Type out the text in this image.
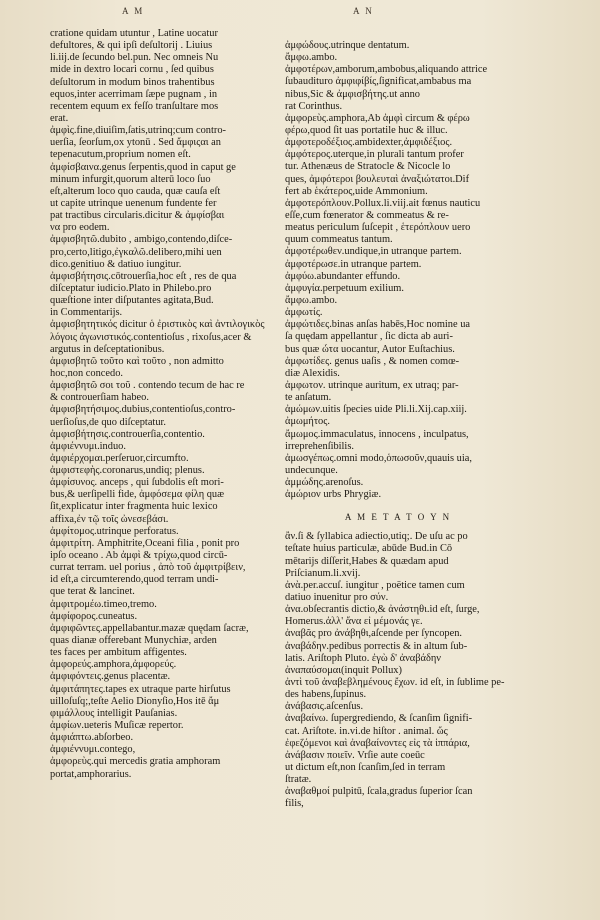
A M	A N
cratione quidam utuntur , Latine uocatur
defultores, & qui ipſi deſultorij . Liuius
li.iij.de ſecundo bel.pun. Nec omneis Nu
mide in dextro locari cornu , ſed quibus
deſultorum in modum binos trahentibus
equos,inter acerrimam ſæpe pugnam , in
recentem equum ex feſſo tranſultare mos
erat.
ἀμφὶς.fine,diuiſim,ſatis,utrinq;cum contro-
uerſia, ſeorſum,ox ytonū . Sed ἄμφιςαι an
tepenacutum,proprium nomen eſt.
ἀμφίσβαινα.genus ſerpentis,quod in caput ge
minum infurgit,quorum alterū loco ſuo
eſt,alterum loco quo cauda, quæ cauſa eſt
ut capite utrinque uenenum fundente fer
pat tractibus circularis.dicitur & ἀμφίσβαι
να pro eodem.
ἀμφισβητῶ.dubito , ambigo,contendo,diſce-
pro,certo,litigo,ἐγκαλῶ.delibero,mihi uen
dico.genitiuo & datiuo iungitur.
ἀμφισβήτησις.cōtrouerſia,hoc eſt , res de qua
diſceptatur iudicio.Plato in Philebo.pro
quæſtione inter diſputantes agitata,Bud.
in Commentarijs.
ἀμφισβητητικός dicitur ὁ ἐριστικὸς καὶ ἀντιλογικὸς
λόγοις ἀγωνιστικός.contentioſus , rixoſus,acer &
argutus in deſceptationibus.
ἀμφισβητῶ τοῦτο καὶ τοῦτο , non admitto
hoc,non concedo.
ἀμφισβητῶ σοι τοῦ . contendo tecum de hac re
& controuerſiam habeo.
ἀμφισβητήσιμος.dubius,contentioſus,contro-
uerſioſus,de quo diſceptatur.
ἀμφισβήτησις.controuerſia,contentio.
ἀμφιέννυμι.induo.
ἀμφιέρχομαι.perſeruor,circumfto.
ἀμφιστεφὴς.coronarus,undiq; plenus.
ἀμφίσυνος. anceps , qui ſubdolis eſt mori-
bus,& uerſipelli fide, ἀμφόσεμα φίλη quæ
ſit,explicatur inter fragmenta huic lexico
affixa,ἐν τῷ τοῖς ὠνεσεβάσι.
ἀμφίτομος.utrinque perforatus.
ἀμφιτρίτη. Amphitrite,Oceani filia , ponit pro
ipſo oceano . Ab ἀμφὶ & τρίχω,quod circū-
currat terram. uel porius , ἀπὸ τοῦ ἀμφιτρίβειν,
id eſt,a circumterendo,quod terram undi-
que terat & lancinet.
ἀμφιτρομέω.timeo,tremo.
ἀμφίφορος.cuneatus.
ἀμφιφῶντες.appellabantur.mazæ quędam ſacræ,
quas dianæ offerebant Munychiæ, arden
tes faces per ambitum affigentes.
ἀμφορεύς.amphora,ἀμφορεύς.
ἀμφιφόντεις.genus placentæ.
ἀμφιτάπητες.tapes ex utraque parte hirſutus
uilloſuſq;,teſte Aelio Dionyſio,Hos itē ἄμ
φιμάλλους intelligit Pauſanias.
ἀμφίων.ueteris Muſicæ repertor.
ἀμφιάπτω.abſorbeo.
ἀμφιέννυμι.contego,
ἀμφορεὺς.qui mercedis gratia amphoram
portat,amphorarius.
ἀμφώδους.utrinque dentatum.
ἄμφω.ambo.
ἀμφοτέρων,amborum,ambobus,aliquando attrice
ſubaudituro ἀμφιφίβίς,ſignificat,ambabus ma
nibus,Sic & ἀμφισβήτης.ut anno
rat Corinthus.
ἀμφορεὺς.amphora,Ab ἀμφὶ circum & φέρω
φέρω,quod ſit uas portatile huc & illuc.
ἀμφοτεροδέξιος.ambidexter,ἀμφιδέξιος.
ἀμφότερος.uterque,in plurali tantum profer
tur. Athenæus de Stratocle & Nicocle lo
ques, ἀμφότεροι βουλευταὶ ἀναξιώτατοι.Dif
fert ab ἑκάτερος,uide Ammonium.
ἀμφοτερόπλουν.Pollux.li.viij.ait fœnus nauticu
eſſe,cum fœnerator & commeatus & re-
meatus periculum ſuſcepit , ἑτερόπλουν uero
quum commeatus tantum.
ἀμφοτέρωθεν.undique,in utranque partem.
ἀμφοτέρωσε.in utranque partem.
ἀμφύω.abundanter effundo.
ἀμφυγία.perpetuum exilium.
ἄμφω.ambo.
ἀμφωτίς.
ἀμφώτιδες.binas anſas habēs,Hoc nomine ua
ſa quędam appellantur , ſic dicta ab auri-
bus quæ ὦτα uocantur, Autor Euſtachius.
ἀμφωτίδες. genus uaſis , & nomen comœ-
diæ Alexidis.
ἀμφωτον. utrinque auritum, ex utraq; par-
te anſatum.
ἀμώμων.uitis ſpecies uide Pli.li.Xij.cap.xiij.
ἀμωμήτος.
ἄμωμος.immaculatus, innocens , inculpatus,
irreprehenſibilis.
ἀμωσγέπως.omni modo,ὁπωσοῦν,quauis uia,
undecunque.
ἀμμώδης.arenoſus.
ἀμώριον urbs Phrygiæ.
A M E T A T O Y N
ἂν.ſi & ſyllabica adiectio,utiq;. De uſu ac po
teſtate huius particulæ, abūde Bud.in Cō
mētarijs diſſerit,Habes & quædam apud
Priſcianum.li.xvij.
ἀνὰ.per.accuſ. iungitur , poëtice tamen cum
datiuo inuenitur pro σύν.
ἀνα.obſecrantis dictio,& ἀνάστηθι.id eſt, ſurge,
Homerus.ἀλλ' ἄνα εἰ μέμονάς γε.
ἀναβᾶς pro ἀνάβηθι,aſcende per ſyncopen.
ἀναβάδην.pedibus porrectis & in altum ſub-
latis. Ariſtoph Pluto. ἐγὼ δ' ἀναβάδην
ἀναπαύσομαι(inquit Pollux)
ἀντὶ τοῦ ἀναβεβλημένους ἔχων. id eſt, in ſublime pe-
des habens,ſupinus.
ἀνάβασις.aſcenſus.
ἀναβαίνω. ſupergrediendo, & ſcanſim ſignifi-
cat. Ariſtote. in.vi.de hiſtor . animal. ὥς
ἐφεζόμενοι καὶ ἀναβαίνοντες εἰς τὰ ἱππάρια,
ἀνάβασιν ποιεῖν. Vrſie aute coeūc
ut dictum eſt,non ſcanſim,ſed in terram
ſtratæ.
ἀναβαθμοί pulpitū, ſcala,gradus ſuperior ſcan
filis,
